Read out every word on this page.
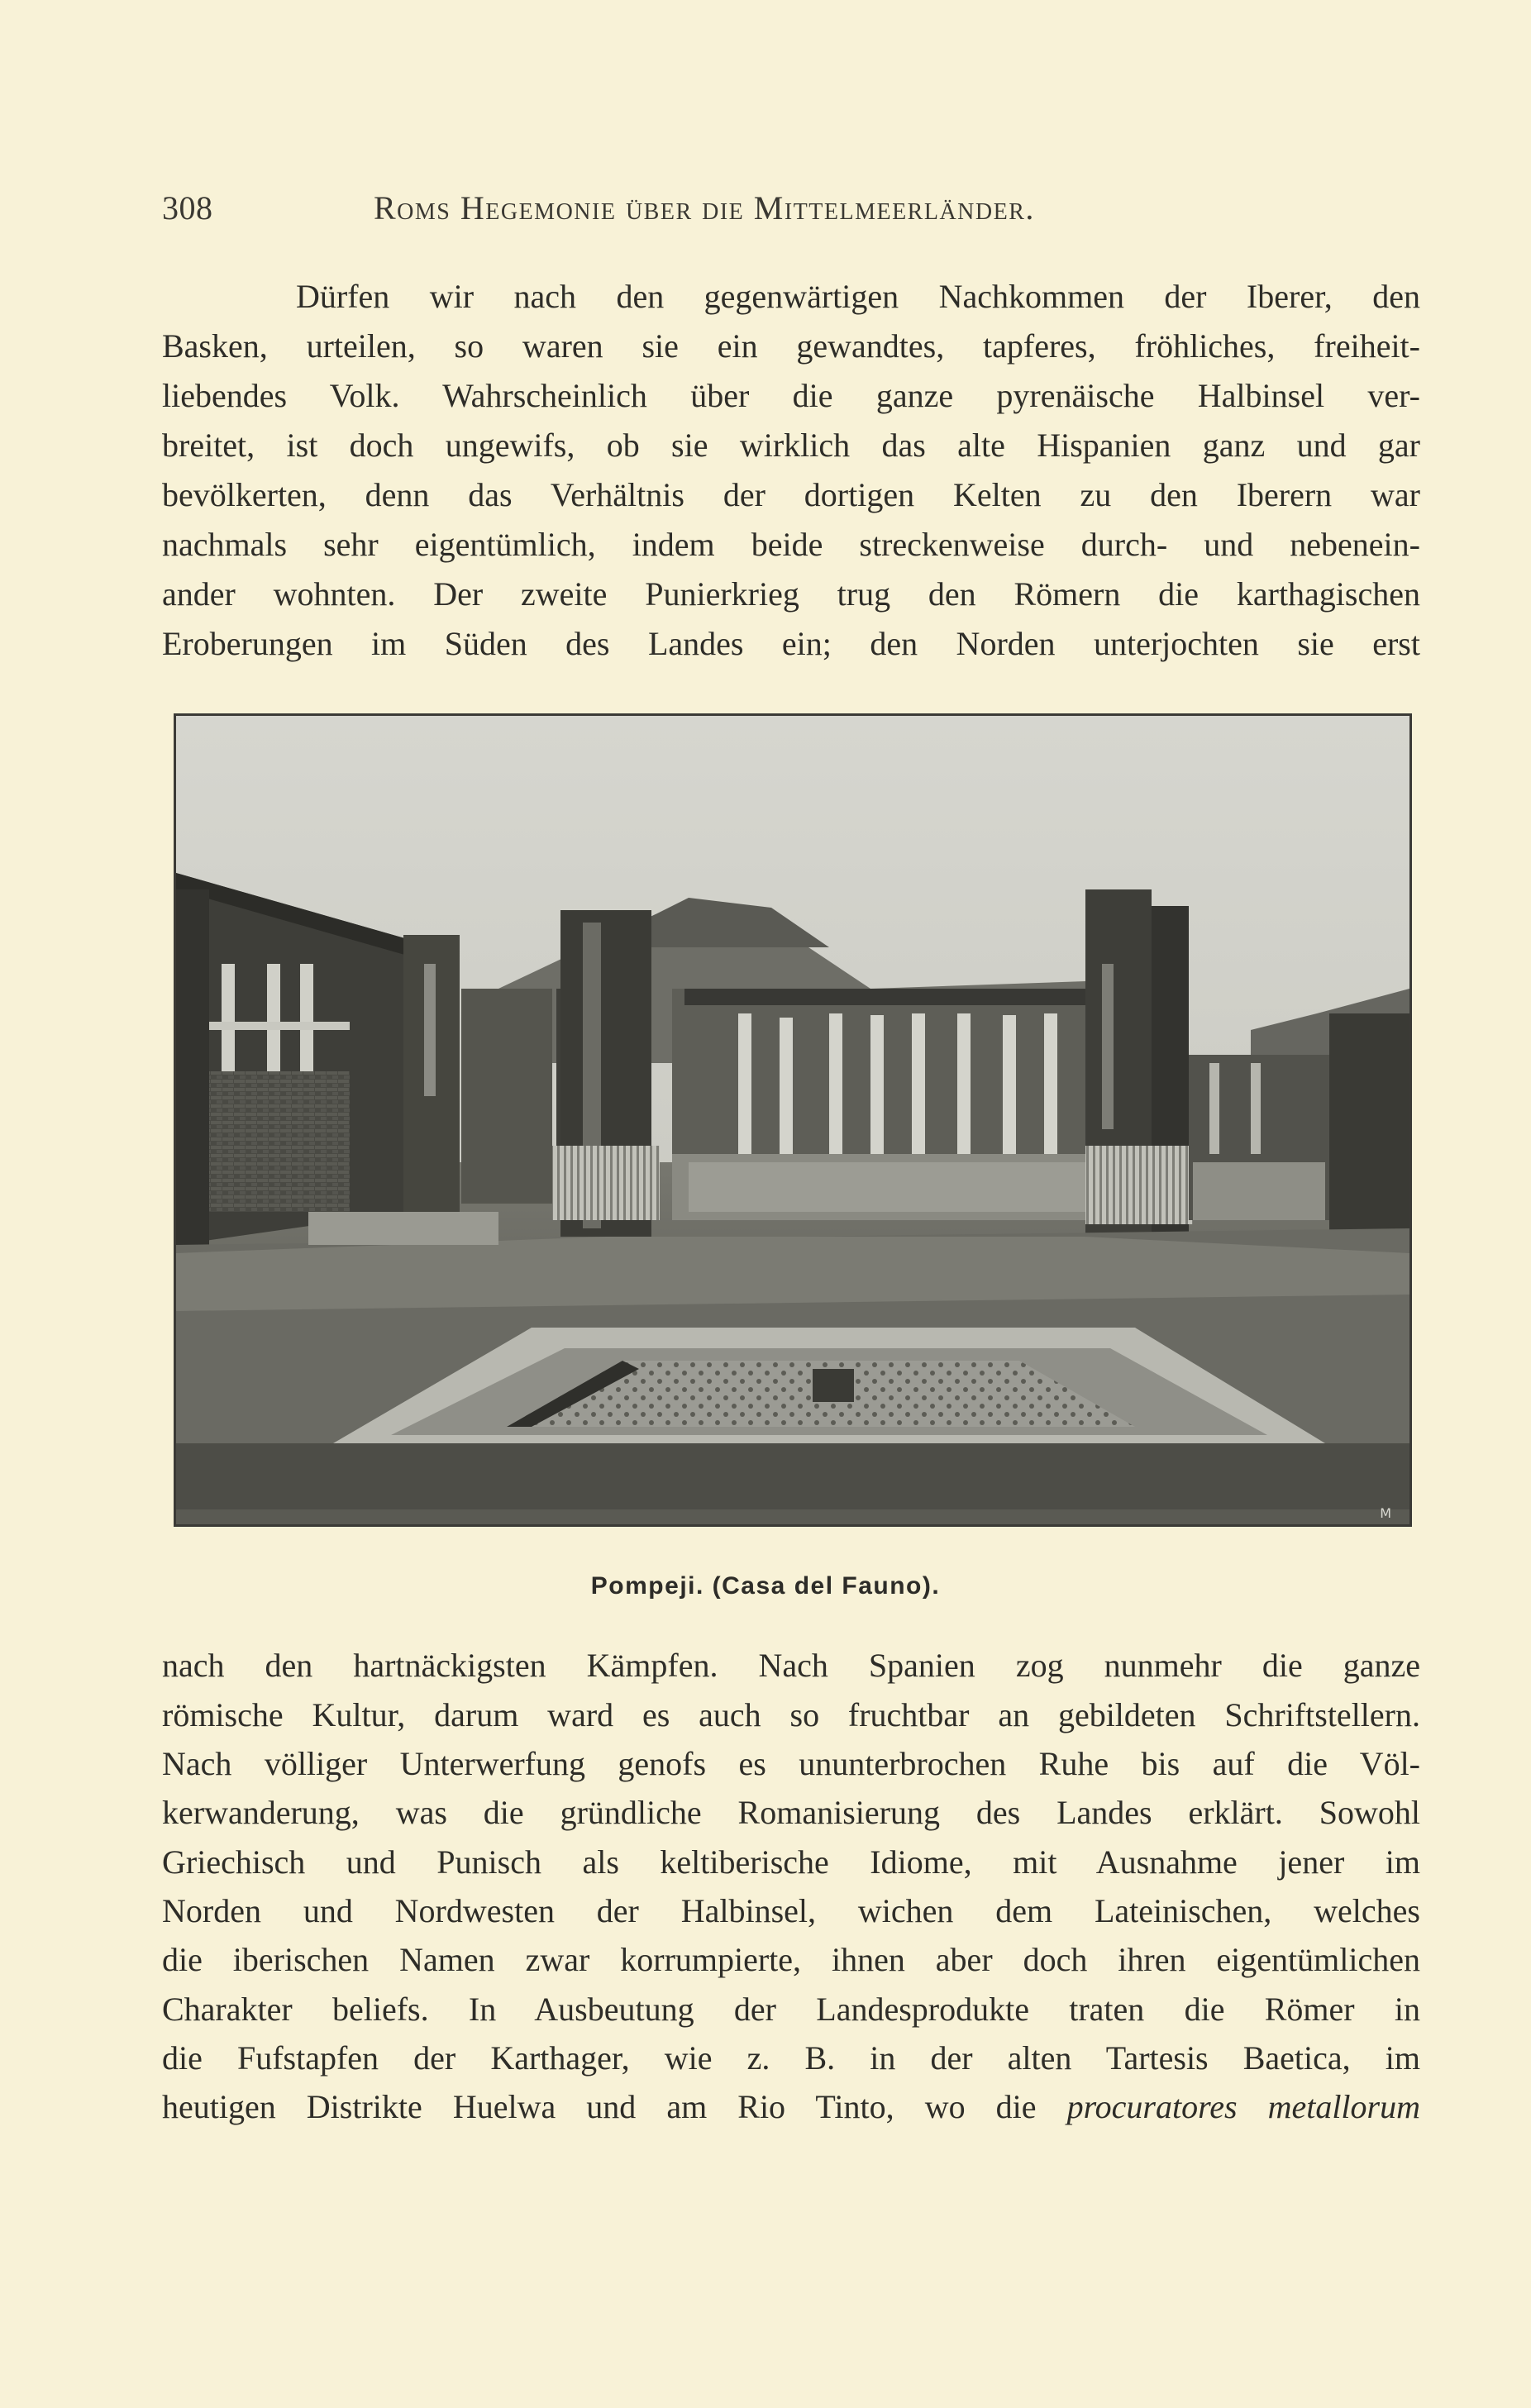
308	Roms Hegemonie über die Mittelmeerländer.
Dürfen wir nach den gegenwärtigen Nachkommen der Iberer, den
Basken, urteilen, so waren sie ein gewandtes, tapferes, fröhliches, freiheit-
liebendes Volk. Wahrscheinlich über die ganze pyrenäische Halbinsel ver-
breitet, ist doch ungewifs, ob sie wirklich das alte Hispanien ganz und gar
bevölkerten, denn das Verhältnis der dortigen Kelten zu den Iberern war
nachmals sehr eigentümlich, indem beide streckenweise durch- und nebenein-
ander wohnten. Der zweite Punierkrieg trug den Römern die karthagischen
Eroberungen im Süden des Landes ein; den Norden unterjochten sie erst
M
Pompeji. (Casa del Fauno).
nach den hartnäckigsten Kämpfen. Nach Spanien zog nunmehr die ganze
römische Kultur, darum ward es auch so fruchtbar an gebildeten Schriftstellern.
Nach völliger Unterwerfung genofs es ununterbrochen Ruhe bis auf die Völ-
kerwanderung, was die gründliche Romanisierung des Landes erklärt. Sowohl
Griechisch und Punisch als keltiberische Idiome, mit Ausnahme jener im
Norden und Nordwesten der Halbinsel, wichen dem Lateinischen, welches
die iberischen Namen zwar korrumpierte, ihnen aber doch ihren eigentümlichen
Charakter beliefs. In Ausbeutung der Landesprodukte traten die Römer in
die Fufstapfen der Karthager, wie z. B. in der alten Tartesis Baetica, im
heutigen Distrikte Huelwa und am Rio Tinto, wo die procuratores metallorum
